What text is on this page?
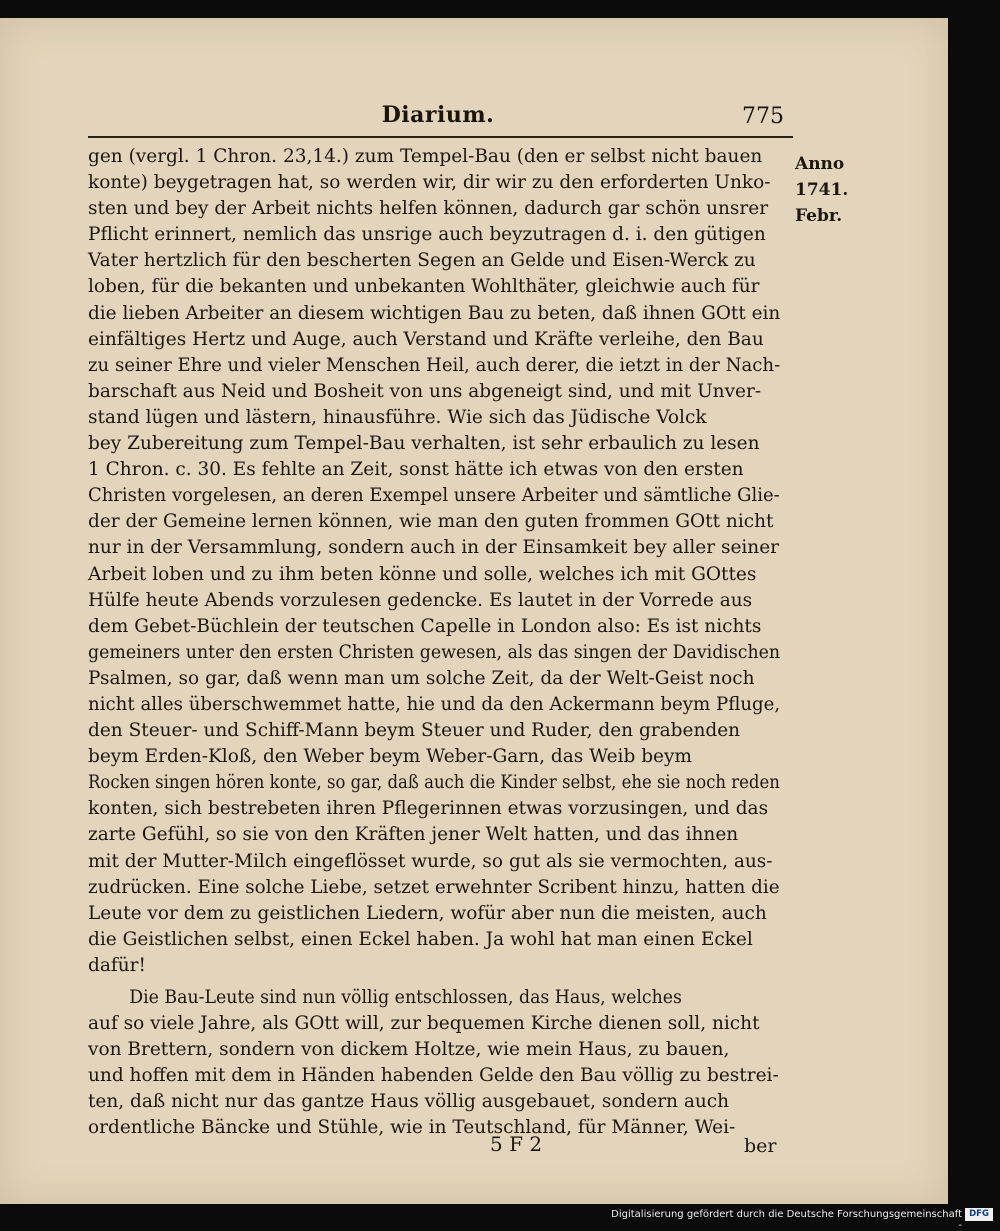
Diarium.	775
gen (vergl. 1 Chron. 23,14.) zum Tempel-Bau (den er selbst nicht bauen
konte) beygetragen hat, so werden wir, dir wir zu den erforderten Unko-
sten und bey der Arbeit nichts helfen können, dadurch gar schön unsrer
Pflicht erinnert, nemlich das unsrige auch beyzutragen d. i. den gütigen
Vater hertzlich für den bescherten Segen an Gelde und Eisen-Werck zu
loben, für die bekanten und unbekanten Wohlthäter, gleichwie auch für
die lieben Arbeiter an diesem wichtigen Bau zu beten, daß ihnen GOtt ein
einfältiges Hertz und Auge, auch Verstand und Kräfte verleihe, den Bau
zu seiner Ehre und vieler Menschen Heil, auch derer, die ietzt in der Nach-
barschaft aus Neid und Bosheit von uns abgeneigt sind, und mit Unver-
stand lügen und lästern, hinausführe. Wie sich das Jüdische Volck
bey Zubereitung zum Tempel-Bau verhalten, ist sehr erbaulich zu lesen
1 Chron. c. 30. Es fehlte an Zeit, sonst hätte ich etwas von den ersten
Christen vorgelesen, an deren Exempel unsere Arbeiter und sämtliche Glie-
der der Gemeine lernen können, wie man den guten frommen GOtt nicht
nur in der Versammlung, sondern auch in der Einsamkeit bey aller seiner
Arbeit loben und zu ihm beten könne und solle, welches ich mit GOttes
Hülfe heute Abends vorzulesen gedencke. Es lautet in der Vorrede aus
dem Gebet-Büchlein der teutschen Capelle in London also: Es ist nichts
gemeiners unter den ersten Christen gewesen, als das singen der Davidischen
Psalmen, so gar, daß wenn man um solche Zeit, da der Welt-Geist noch
nicht alles überschwemmet hatte, hie und da den Ackermann beym Pfluge,
den Steuer- und Schiff-Mann beym Steuer und Ruder, den grabenden
beym Erden-Kloß, den Weber beym Weber-Garn, das Weib beym
Rocken singen hören konte, so gar, daß auch die Kinder selbst, ehe sie noch reden
konten, sich bestrebeten ihren Pflegerinnen etwas vorzusingen, und das
zarte Gefühl, so sie von den Kräften jener Welt hatten, und das ihnen
mit der Mutter-Milch eingeflösset wurde, so gut als sie vermochten, aus-
zudrücken. Eine solche Liebe, setzet erwehnter Scribent hinzu, hatten die
Leute vor dem zu geistlichen Liedern, wofür aber nun die meisten, auch
die Geistlichen selbst, einen Eckel haben. Ja wohl hat man einen Eckel
dafür!
Die Bau-Leute sind nun völlig entschlossen, das Haus, welches
auf so viele Jahre, als GOtt will, zur bequemen Kirche dienen soll, nicht
von Brettern, sondern von dickem Holtze, wie mein Haus, zu bauen,
und hoffen mit dem in Händen habenden Gelde den Bau völlig zu bestrei-
ten, daß nicht nur das gantze Haus völlig ausgebauet, sondern auch
ordentliche Bäncke und Stühle, wie in Teutschland, für Männer, Wei-
Anno
1741.
Febr.
5 F 2	ber
Digitalisierung gefördert durch die Deutsche Forschungsgemeinschaft -
DFG
